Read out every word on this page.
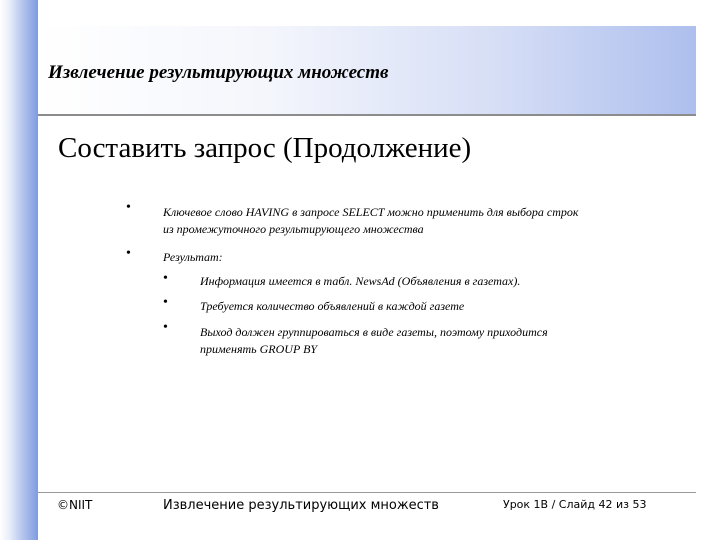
Извлечение результирующих множеств
Составить запрос (Продолжение)
•	Ключевое слово HAVING в запросе SELECT можно применить для выбора строк
из промежуточного результирующего множества
•	Результат:
•	Информация имеется в табл. NewsAd (Объявления в газетах).
•	Требуется количество объявлений в каждой газете
•	Выход должен группироваться в виде газеты, поэтому приходится
применять GROUP BY
©NIIT	Извлечение результирующих множеств	Урок 1B / Слайд 42 из 53
